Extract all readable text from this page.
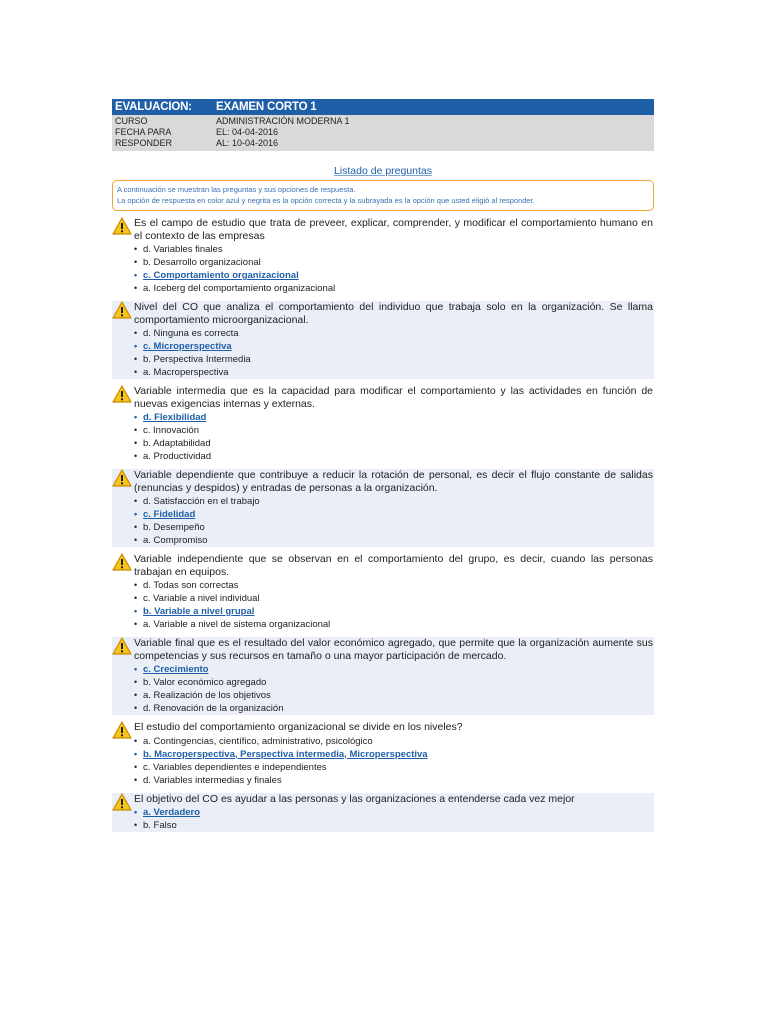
EVALUACION:	EXAMEN CORTO 1
CURSO	ADMINISTRACIÓN MODERNA 1
FECHA PARA	EL: 04-04-2016
RESPONDER	AL: 10-04-2016
Listado de preguntas
A continuación se muestran las preguntas y sus opciones de respuesta.
La opción de respuesta en color azul y negrita es la opción correcta y la subrayada es la opción que usted eligió al responder.
Es el campo de estudio que trata de preveer, explicar, comprender, y modificar el comportamiento humano en el contexto de las empresas
• d. Variables finales
• b. Desarrollo organizacional
• c. Comportamiento organizacional
• a. Iceberg del comportamiento organizacional
Nivel del CO que analiza el comportamiento del individuo que trabaja solo en la organización. Se llama comportamiento microorganizacional.
• d. Ninguna es correcta
• c. Microperspectiva
• b. Perspectiva Intermedia
• a. Macroperspectiva
Variable intermedia que es la capacidad para modificar el comportamiento y las actividades en función de nuevas exigencias internas y externas.
• d. Flexibilidad
• c. Innovación
• b. Adaptabilidad
• a. Productividad
Variable dependiente que contribuye a reducir la rotación de personal, es decir el flujo constante de salidas (renuncias y despidos) y entradas de personas a la organización.
• d. Satisfacción en el trabajo
• c. Fidelidad
• b. Desempeño
• a. Compromiso
Variable independiente que se observan en el comportamiento del grupo, es decir, cuando las personas trabajan en equipos.
• d. Todas son correctas
• c. Variable a nivel individual
• b. Variable a nivel grupal
• a. Variable a nivel de sistema organizacional
Variable final que es el resultado del valor económico agregado, que permite que la organización aumente sus competencias y sus recursos en tamaño o una mayor participación de mercado.
• c. Crecimiento
• b. Valor económico agregado
• a. Realización de los objetivos
• d. Renovación de la organización
El estudio del comportamiento organizacional se divide en los niveles?
• a. Contingencias, científico, administrativo, psicológico
• b. Macroperspectiva, Perspectiva intermedia, Microperspectiva
• c. Variables dependientes e independientes
• d. Variables intermedias y finales
El objetivo del CO es ayudar a las personas y las organizaciones a entenderse cada vez mejor
• a. Verdadero
• b. Falso
